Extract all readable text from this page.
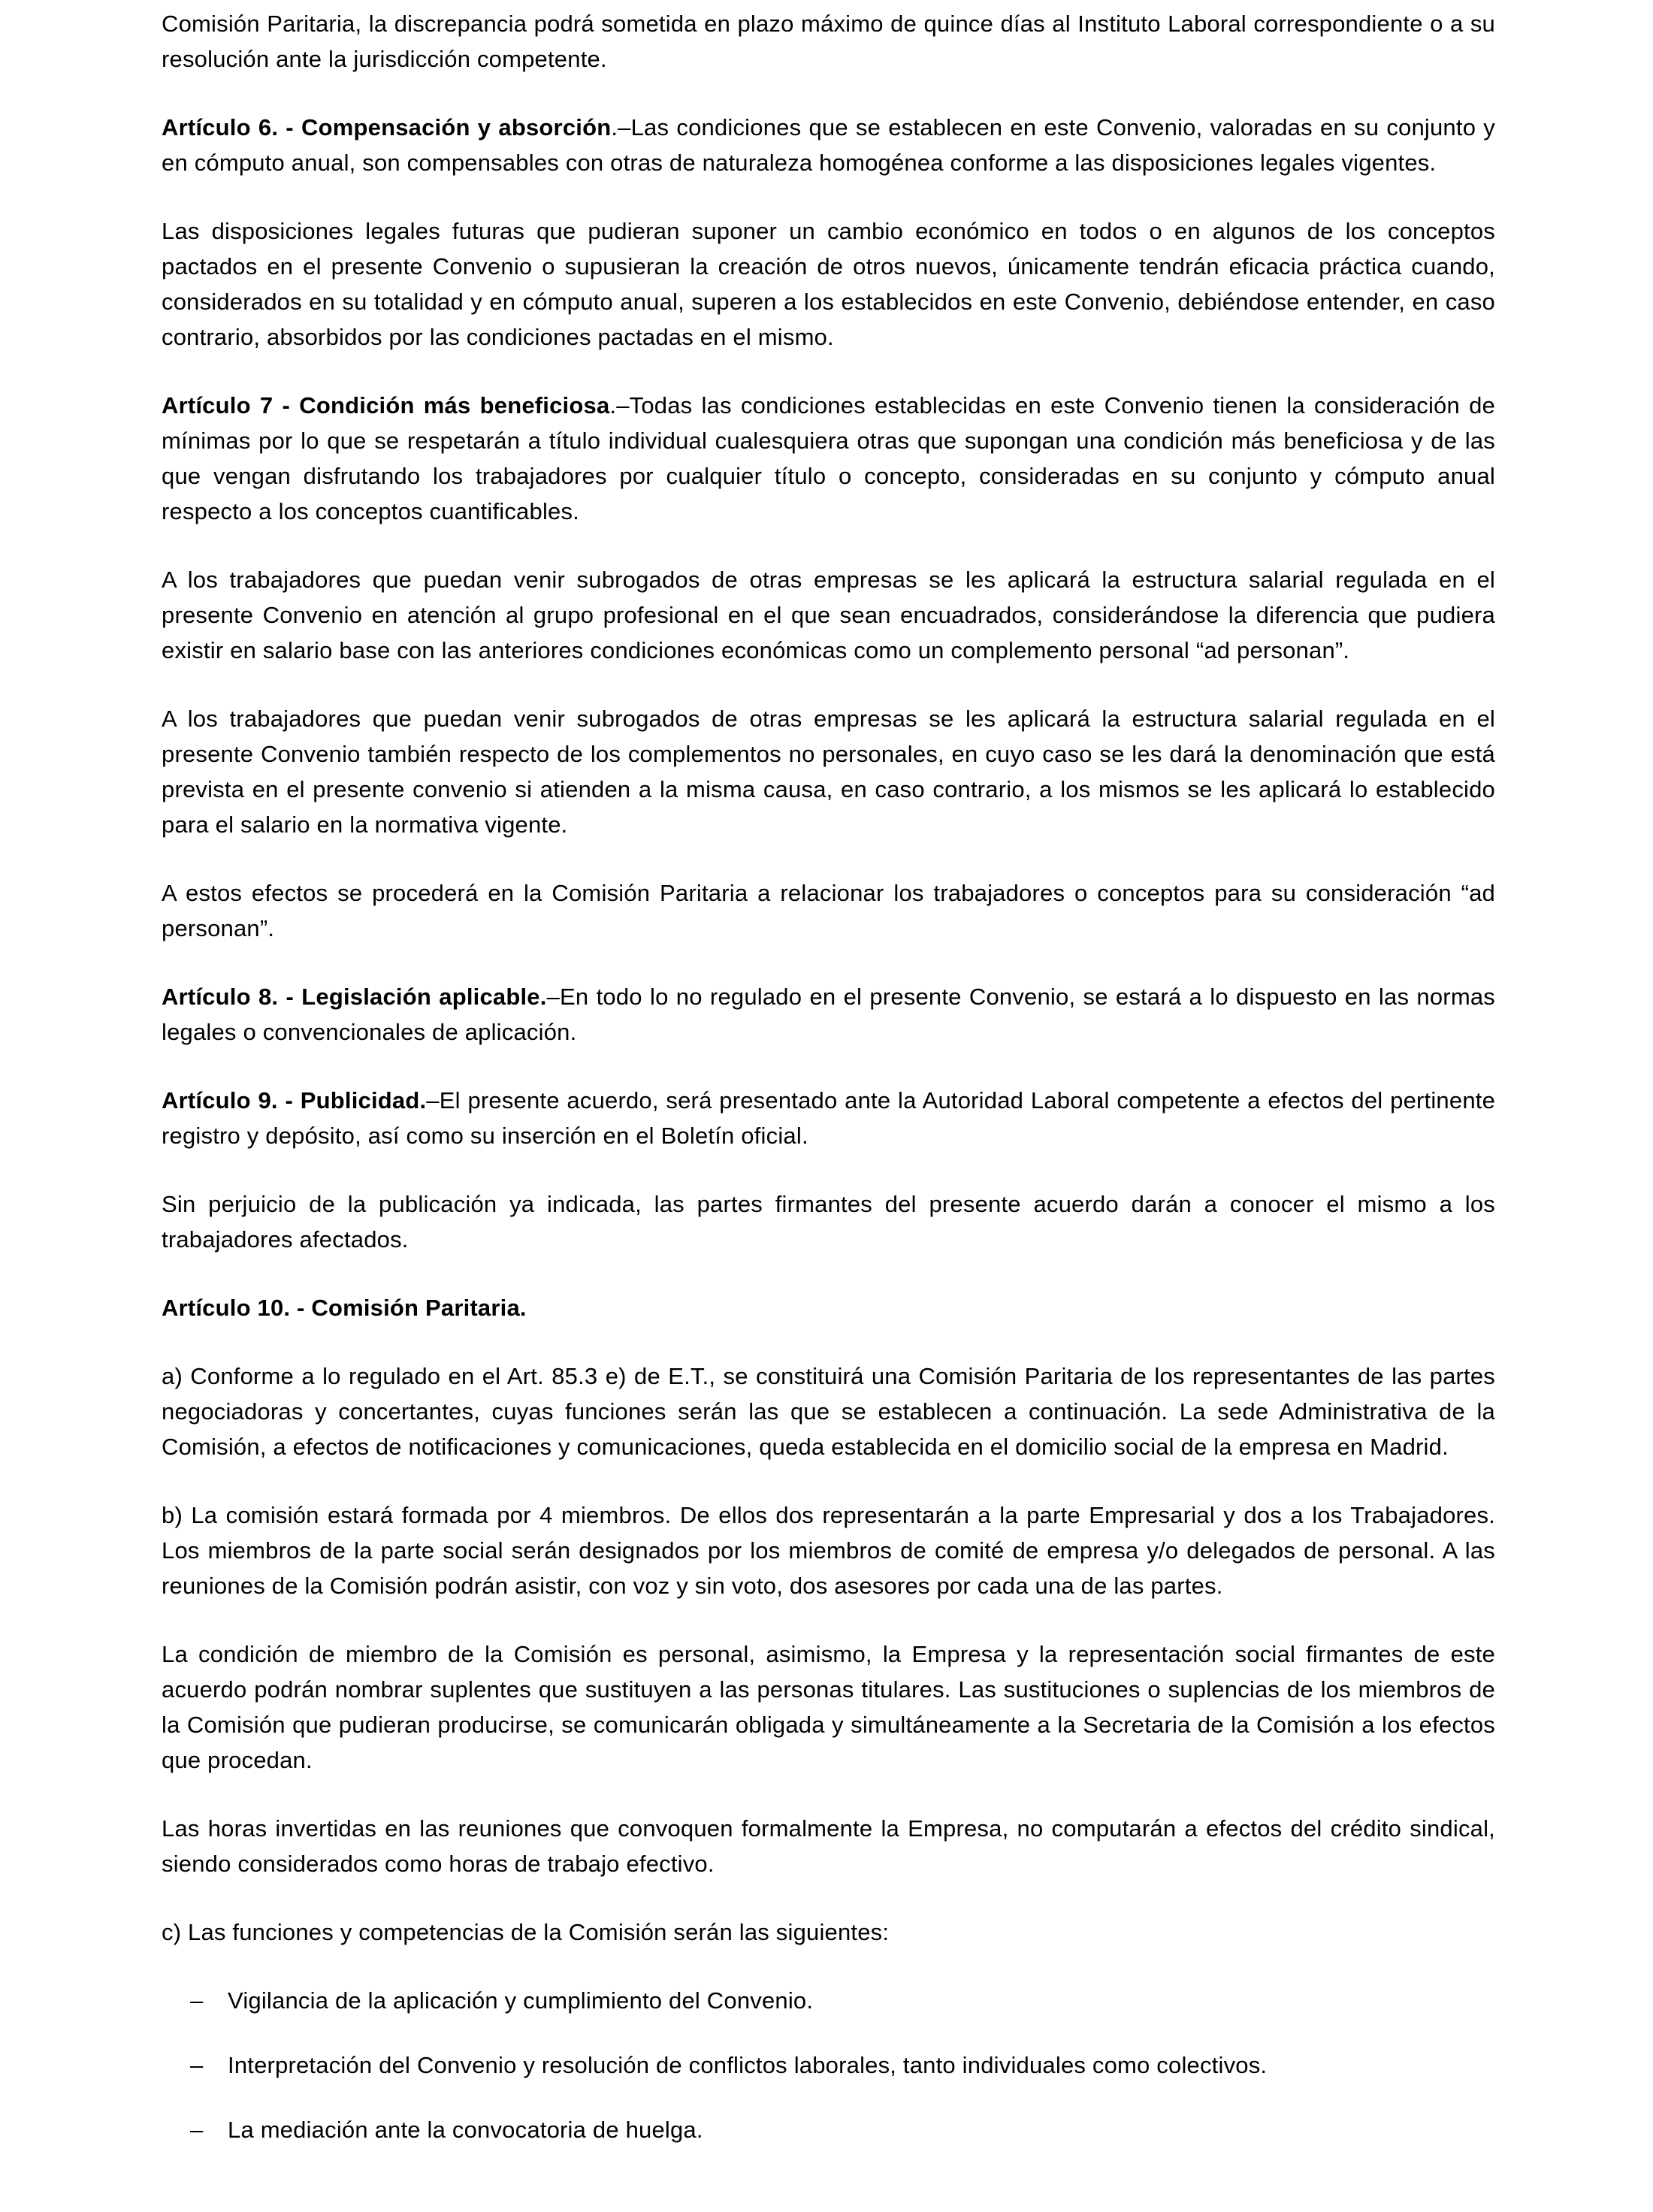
Comisión Paritaria, la discrepancia podrá sometida en plazo máximo de quince días al Instituto Laboral correspondiente o a su resolución ante la jurisdicción competente.

Artículo 6. - Compensación y absorción.–Las condiciones que se establecen en este Convenio, valoradas en su conjunto y en cómputo anual, son compensables con otras de naturaleza homogénea conforme a las disposiciones legales vigentes.

Las disposiciones legales futuras que pudieran suponer un cambio económico en todos o en algunos de los conceptos pactados en el presente Convenio o supusieran la creación de otros nuevos, únicamente tendrán eficacia práctica cuando, considerados en su totalidad y en cómputo anual, superen a los establecidos en este Convenio, debiéndose entender, en caso contrario, absorbidos por las condiciones pactadas en el mismo.

Artículo 7 - Condición más beneficiosa.–Todas las condiciones establecidas en este Convenio tienen la consideración de mínimas por lo que se respetarán a título individual cualesquiera otras que supongan una condición más beneficiosa y de las que vengan disfrutando los trabajadores por cualquier título o concepto, consideradas en su conjunto y cómputo anual respecto a los conceptos cuantificables.

A los trabajadores que puedan venir subrogados de otras empresas se les aplicará la estructura salarial regulada en el presente Convenio en atención al grupo profesional en el que sean encuadrados, considerándose la diferencia que pudiera existir en salario base con las anteriores condiciones económicas como un complemento personal “ad personan”.

A los trabajadores que puedan venir subrogados de otras empresas se les aplicará la estructura salarial regulada en el presente Convenio también respecto de los complementos no personales, en cuyo caso se les dará la denominación que está prevista en el presente convenio si atienden a la misma causa, en caso contrario, a los mismos se les aplicará lo establecido para el salario en la normativa vigente.

A estos efectos se procederá en la Comisión Paritaria a relacionar los trabajadores o conceptos para su consideración “ad personan”.

Artículo 8. - Legislación aplicable.–En todo lo no regulado en el presente Convenio, se estará a lo dispuesto en las normas legales o convencionales de aplicación.

Artículo 9. - Publicidad.–El presente acuerdo, será presentado ante la Autoridad Laboral competente a efectos del pertinente registro y depósito, así como su inserción en el Boletín oficial.

Sin perjuicio de la publicación ya indicada, las partes firmantes del presente acuerdo darán a conocer el mismo a los trabajadores afectados.

Artículo 10. - Comisión Paritaria.

a) Conforme a lo regulado en el Art. 85.3 e) de E.T., se constituirá una Comisión Paritaria de los representantes de las partes negociadoras y concertantes, cuyas funciones serán las que se establecen a continuación. La sede Administrativa de la Comisión, a efectos de notificaciones y comunicaciones, queda establecida en el domicilio social de la empresa en Madrid.

b) La comisión estará formada por 4 miembros. De ellos dos representarán a la parte Empresarial y dos a los Trabajadores. Los miembros de la parte social serán designados por los miembros de comité de empresa y/o delegados de personal. A las reuniones de la Comisión podrán asistir, con voz y sin voto, dos asesores por cada una de las partes.

La condición de miembro de la Comisión es personal, asimismo, la Empresa y la representación social firmantes de este acuerdo podrán nombrar suplentes que sustituyen a las personas titulares. Las sustituciones o suplencias de los miembros de la Comisión que pudieran producirse, se comunicarán obligada y simultáneamente a la Secretaria de la Comisión a los efectos que procedan.

Las horas invertidas en las reuniones que convoquen formalmente la Empresa, no computarán a efectos del crédito sindical, siendo considerados como horas de trabajo efectivo.

c) Las funciones y competencias de la Comisión serán las siguientes:

– Vigilancia de la aplicación y cumplimiento del Convenio.
– Interpretación del Convenio y resolución de conflictos laborales, tanto individuales como colectivos.
– La mediación ante la convocatoria de huelga.
